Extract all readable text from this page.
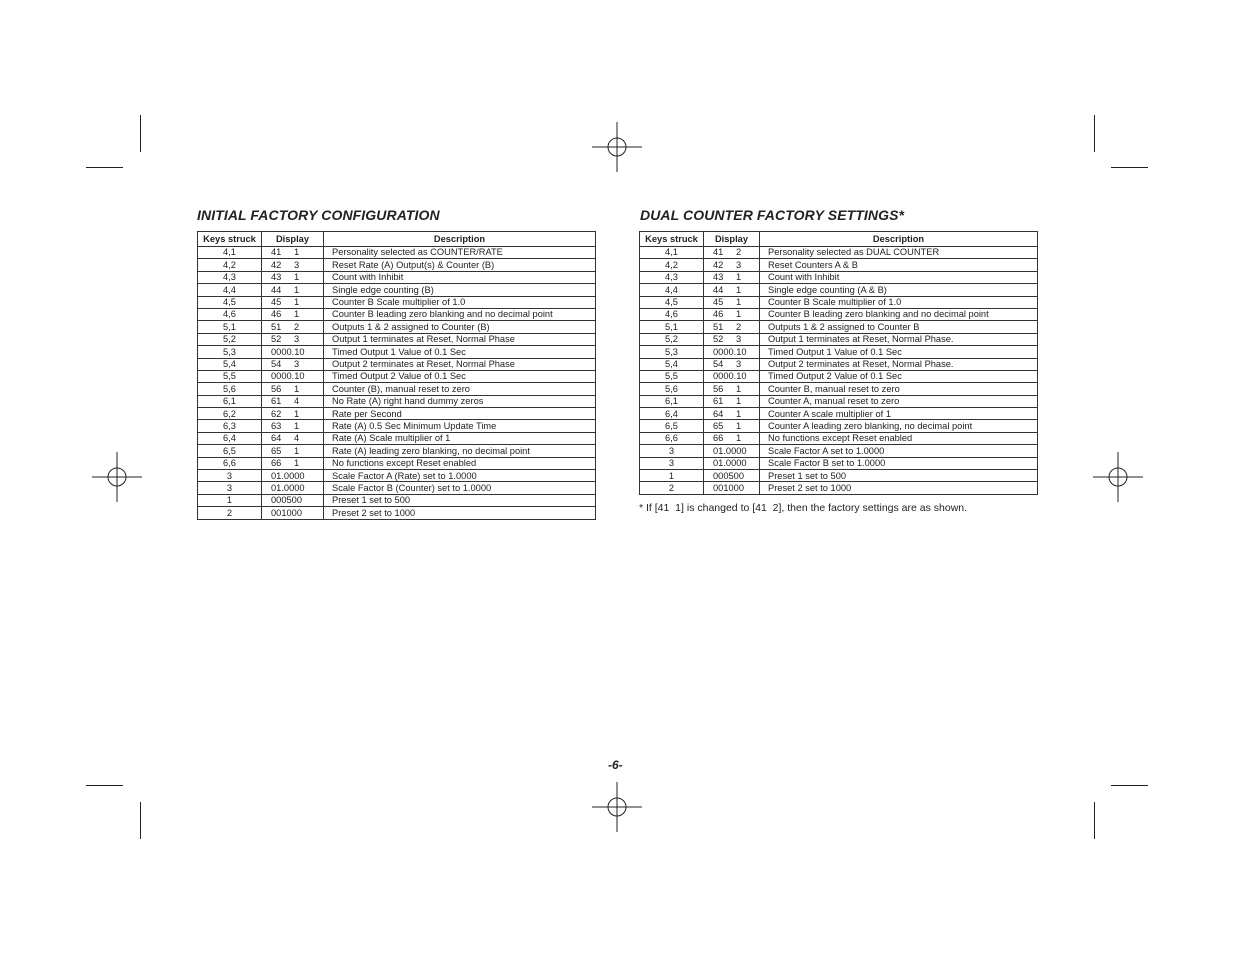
INITIAL FACTORY CONFIGURATION
Keys struck	Display	Description
4,1	41 1	Personality selected as COUNTER/RATE
4,2	42 3	Reset Rate (A) Output(s) & Counter (B)
4,3	43 1	Count with Inhibit
4,4	44 1	Single edge counting (B)
4,5	45 1	Counter B Scale multiplier of 1.0
4,6	46 1	Counter B leading zero blanking and no decimal point
5,1	51 2	Outputs 1 & 2 assigned to Counter (B)
5,2	52 3	Output 1 terminates at Reset, Normal Phase
5,3	0000.10	Timed Output 1 Value of 0.1 Sec
5,4	54 3	Output 2 terminates at Reset, Normal Phase
5,5	0000.10	Timed Output 2 Value of 0.1 Sec
5,6	56 1	Counter (B), manual reset to zero
6,1	61 4	No Rate (A) right hand dummy zeros
6,2	62 1	Rate per Second
6,3	63 1	Rate (A) 0.5 Sec Minimum Update Time
6,4	64 4	Rate (A) Scale multiplier of 1
6,5	65 1	Rate (A) leading zero blanking, no decimal point
6,6	66 1	No functions except Reset enabled
3	01.0000	Scale Factor A (Rate) set to 1.0000
3	01.0000	Scale Factor B (Counter) set to 1.0000
1	000500	Preset 1 set to 500
2	001000	Preset 2 set to 1000
DUAL COUNTER FACTORY SETTINGS*
Keys struck	Display	Description
4,1	41 2	Personality selected as DUAL COUNTER
4,2	42 3	Reset Counters A & B
4,3	43 1	Count with Inhibit
4,4	44 1	Single edge counting (A & B)
4,5	45 1	Counter B Scale multiplier of 1.0
4,6	46 1	Counter B leading zero blanking and no decimal point
5,1	51 2	Outputs 1 & 2 assigned to Counter B
5,2	52 3	Output 1 terminates at Reset, Normal Phase.
5,3	0000.10	Timed Output 1 Value of 0.1 Sec
5,4	54 3	Output 2 terminates at Reset, Normal Phase.
5,5	0000.10	Timed Output 2 Value of 0.1 Sec
5,6	56 1	Counter B, manual reset to zero
6,1	61 1	Counter A, manual reset to zero
6,4	64 1	Counter A scale multiplier of 1
6,5	65 1	Counter A leading zero blanking, no decimal point
6,6	66 1	No functions except Reset enabled
3	01.0000	Scale Factor A set to 1.0000
3	01.0000	Scale Factor B set to 1.0000
1	000500	Preset 1 set to 500
2	001000	Preset 2 set to 1000

* If [41  1] is changed to [41  2], then the factory settings are as shown.

-6-
